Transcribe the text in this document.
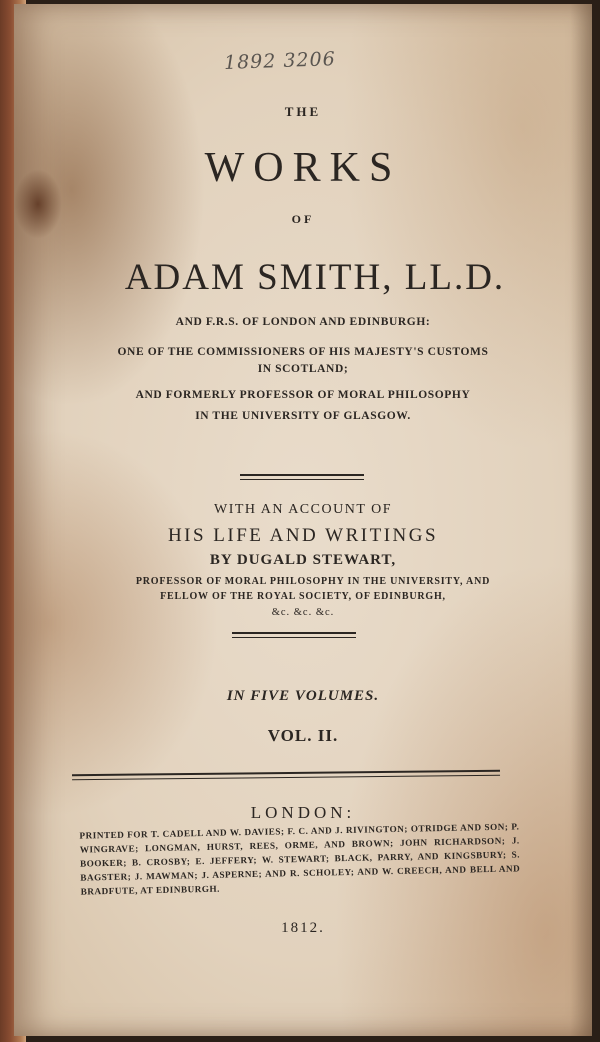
1892 3206
THE
WORKS
OF
ADAM SMITH, LL.D.
AND F.R.S. OF LONDON AND EDINBURGH:
ONE OF THE COMMISSIONERS OF HIS MAJESTY'S CUSTOMS
IN SCOTLAND;
AND FORMERLY PROFESSOR OF MORAL PHILOSOPHY
IN THE UNIVERSITY OF GLASGOW.
WITH AN ACCOUNT OF
HIS LIFE AND WRITINGS
BY DUGALD STEWART,
PROFESSOR OF MORAL PHILOSOPHY IN THE UNIVERSITY, AND
FELLOW OF THE ROYAL SOCIETY, OF EDINBURGH,
&c. &c. &c.
IN FIVE VOLUMES.
VOL. II.
LONDON:
PRINTED FOR T. CADELL AND W. DAVIES; F. C. AND J. RIVINGTON; OTRIDGE AND SON; P. WINGRAVE; LONGMAN, HURST, REES, ORME, AND BROWN; JOHN RICHARDSON; J. BOOKER; B. CROSBY; E. JEFFERY; W. STEWART; BLACK, PARRY, AND KINGSBURY; S. BAGSTER; J. MAWMAN; J. ASPERNE; AND R. SCHOLEY; AND W. CREECH, AND BELL AND BRADFUTE, AT EDINBURGH.
1812.
